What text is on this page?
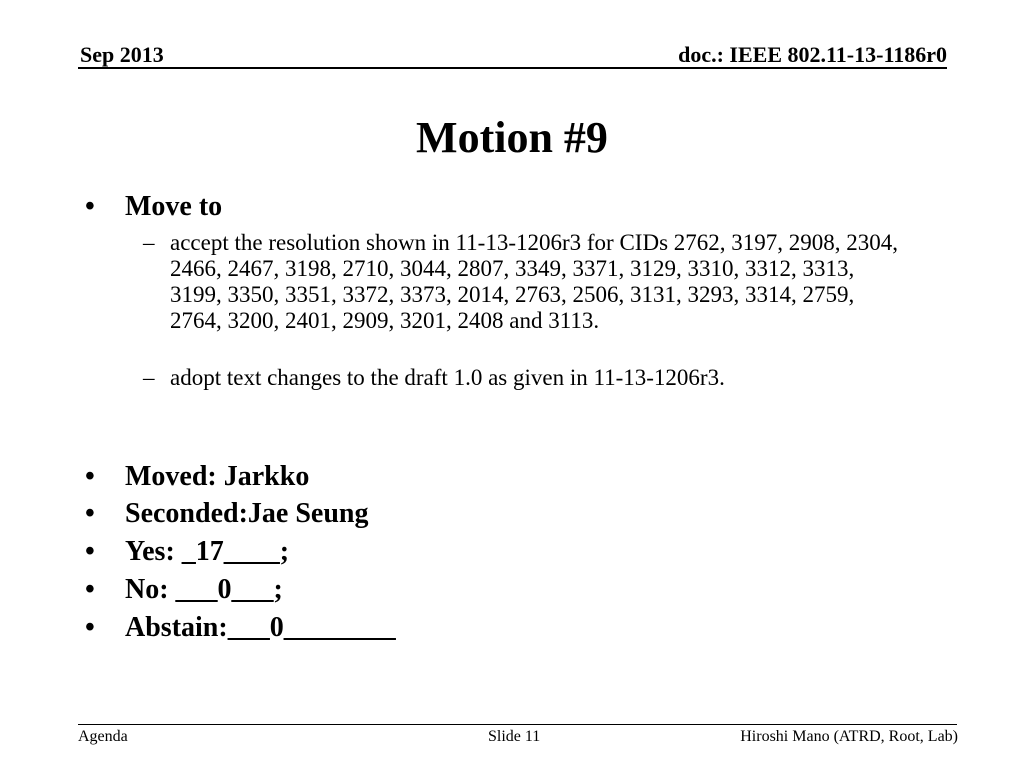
Sep 2013	doc.: IEEE 802.11-13-1186r0
Motion #9
• Move to
– accept the resolution shown in 11-13-1206r3 for CIDs 2762, 3197, 2908, 2304, 2466, 2467, 3198, 2710, 3044, 2807, 3349, 3371, 3129, 3310, 3312, 3313, 3199, 3350, 3351, 3372, 3373, 2014, 2763, 2506, 3131, 3293, 3314, 2759, 2764, 3200, 2401, 2909, 3201, 2408 and 3113.
– adopt text changes to the draft 1.0 as given in 11-13-1206r3.
• Moved: Jarkko
• Seconded:Jae Seung
• Yes: _17____;
• No: ___0___;
• Abstain:___0________
Agenda	Slide 11	Hiroshi Mano (ATRD, Root, Lab)
